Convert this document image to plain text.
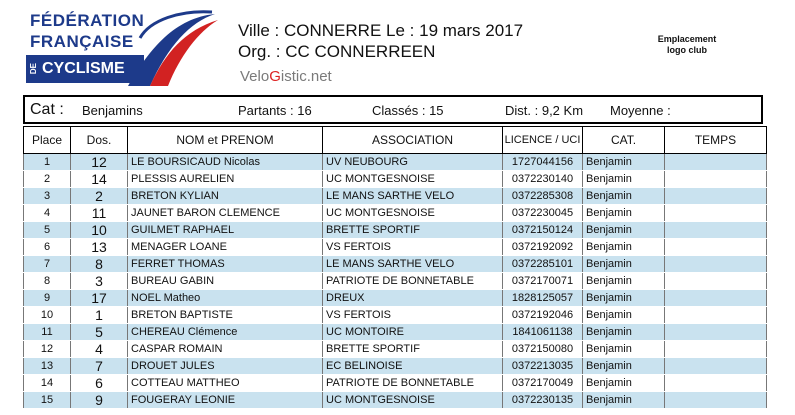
FÉDÉRATION
FRANÇAISE
DE CYCLISME
Ville : CONNERRE Le : 19 mars 2017
Org. : CC CONNERREEN
VeloGistic.net
Emplacement
logo club
Cat : Benjamins	Partants : 16	Classés : 15	Dist. : 9,2 Km Moyenne :
Place	Dos.	NOM et PRENOM	ASSOCIATION	LICENCE / UCI	CAT.	TEMPS
1	12	LE BOURSICAUD Nicolas	UV NEUBOURG	1727044156	Benjamin	
2	14	PLESSIS AURELIEN	UC MONTGESNOISE	0372230140	Benjamin	
3	2	BRETON KYLIAN	LE MANS SARTHE VELO	0372285308	Benjamin	
4	11	JAUNET BARON CLEMENCE	UC MONTGESNOISE	0372230045	Benjamin	
5	10	GUILMET RAPHAEL	BRETTE SPORTIF	0372150124	Benjamin	
6	13	MENAGER LOANE	VS FERTOIS	0372192092	Benjamin	
7	8	FERRET THOMAS	LE MANS SARTHE VELO	0372285101	Benjamin	
8	3	BUREAU GABIN	PATRIOTE DE BONNETABLE	0372170071	Benjamin	
9	17	NOEL Matheo	DREUX	1828125057	Benjamin	
10	1	BRETON BAPTISTE	VS FERTOIS	0372192046	Benjamin	
11	5	CHEREAU Clémence	UC MONTOIRE	1841061138	Benjamin	
12	4	CASPAR ROMAIN	BRETTE SPORTIF	0372150080	Benjamin	
13	7	DROUET JULES	EC BELINOISE	0372213035	Benjamin	
14	6	COTTEAU MATTHEO	PATRIOTE DE BONNETABLE	0372170049	Benjamin	
15	9	FOUGERAY LEONIE	UC MONTGESNOISE	0372230135	Benjamin	
